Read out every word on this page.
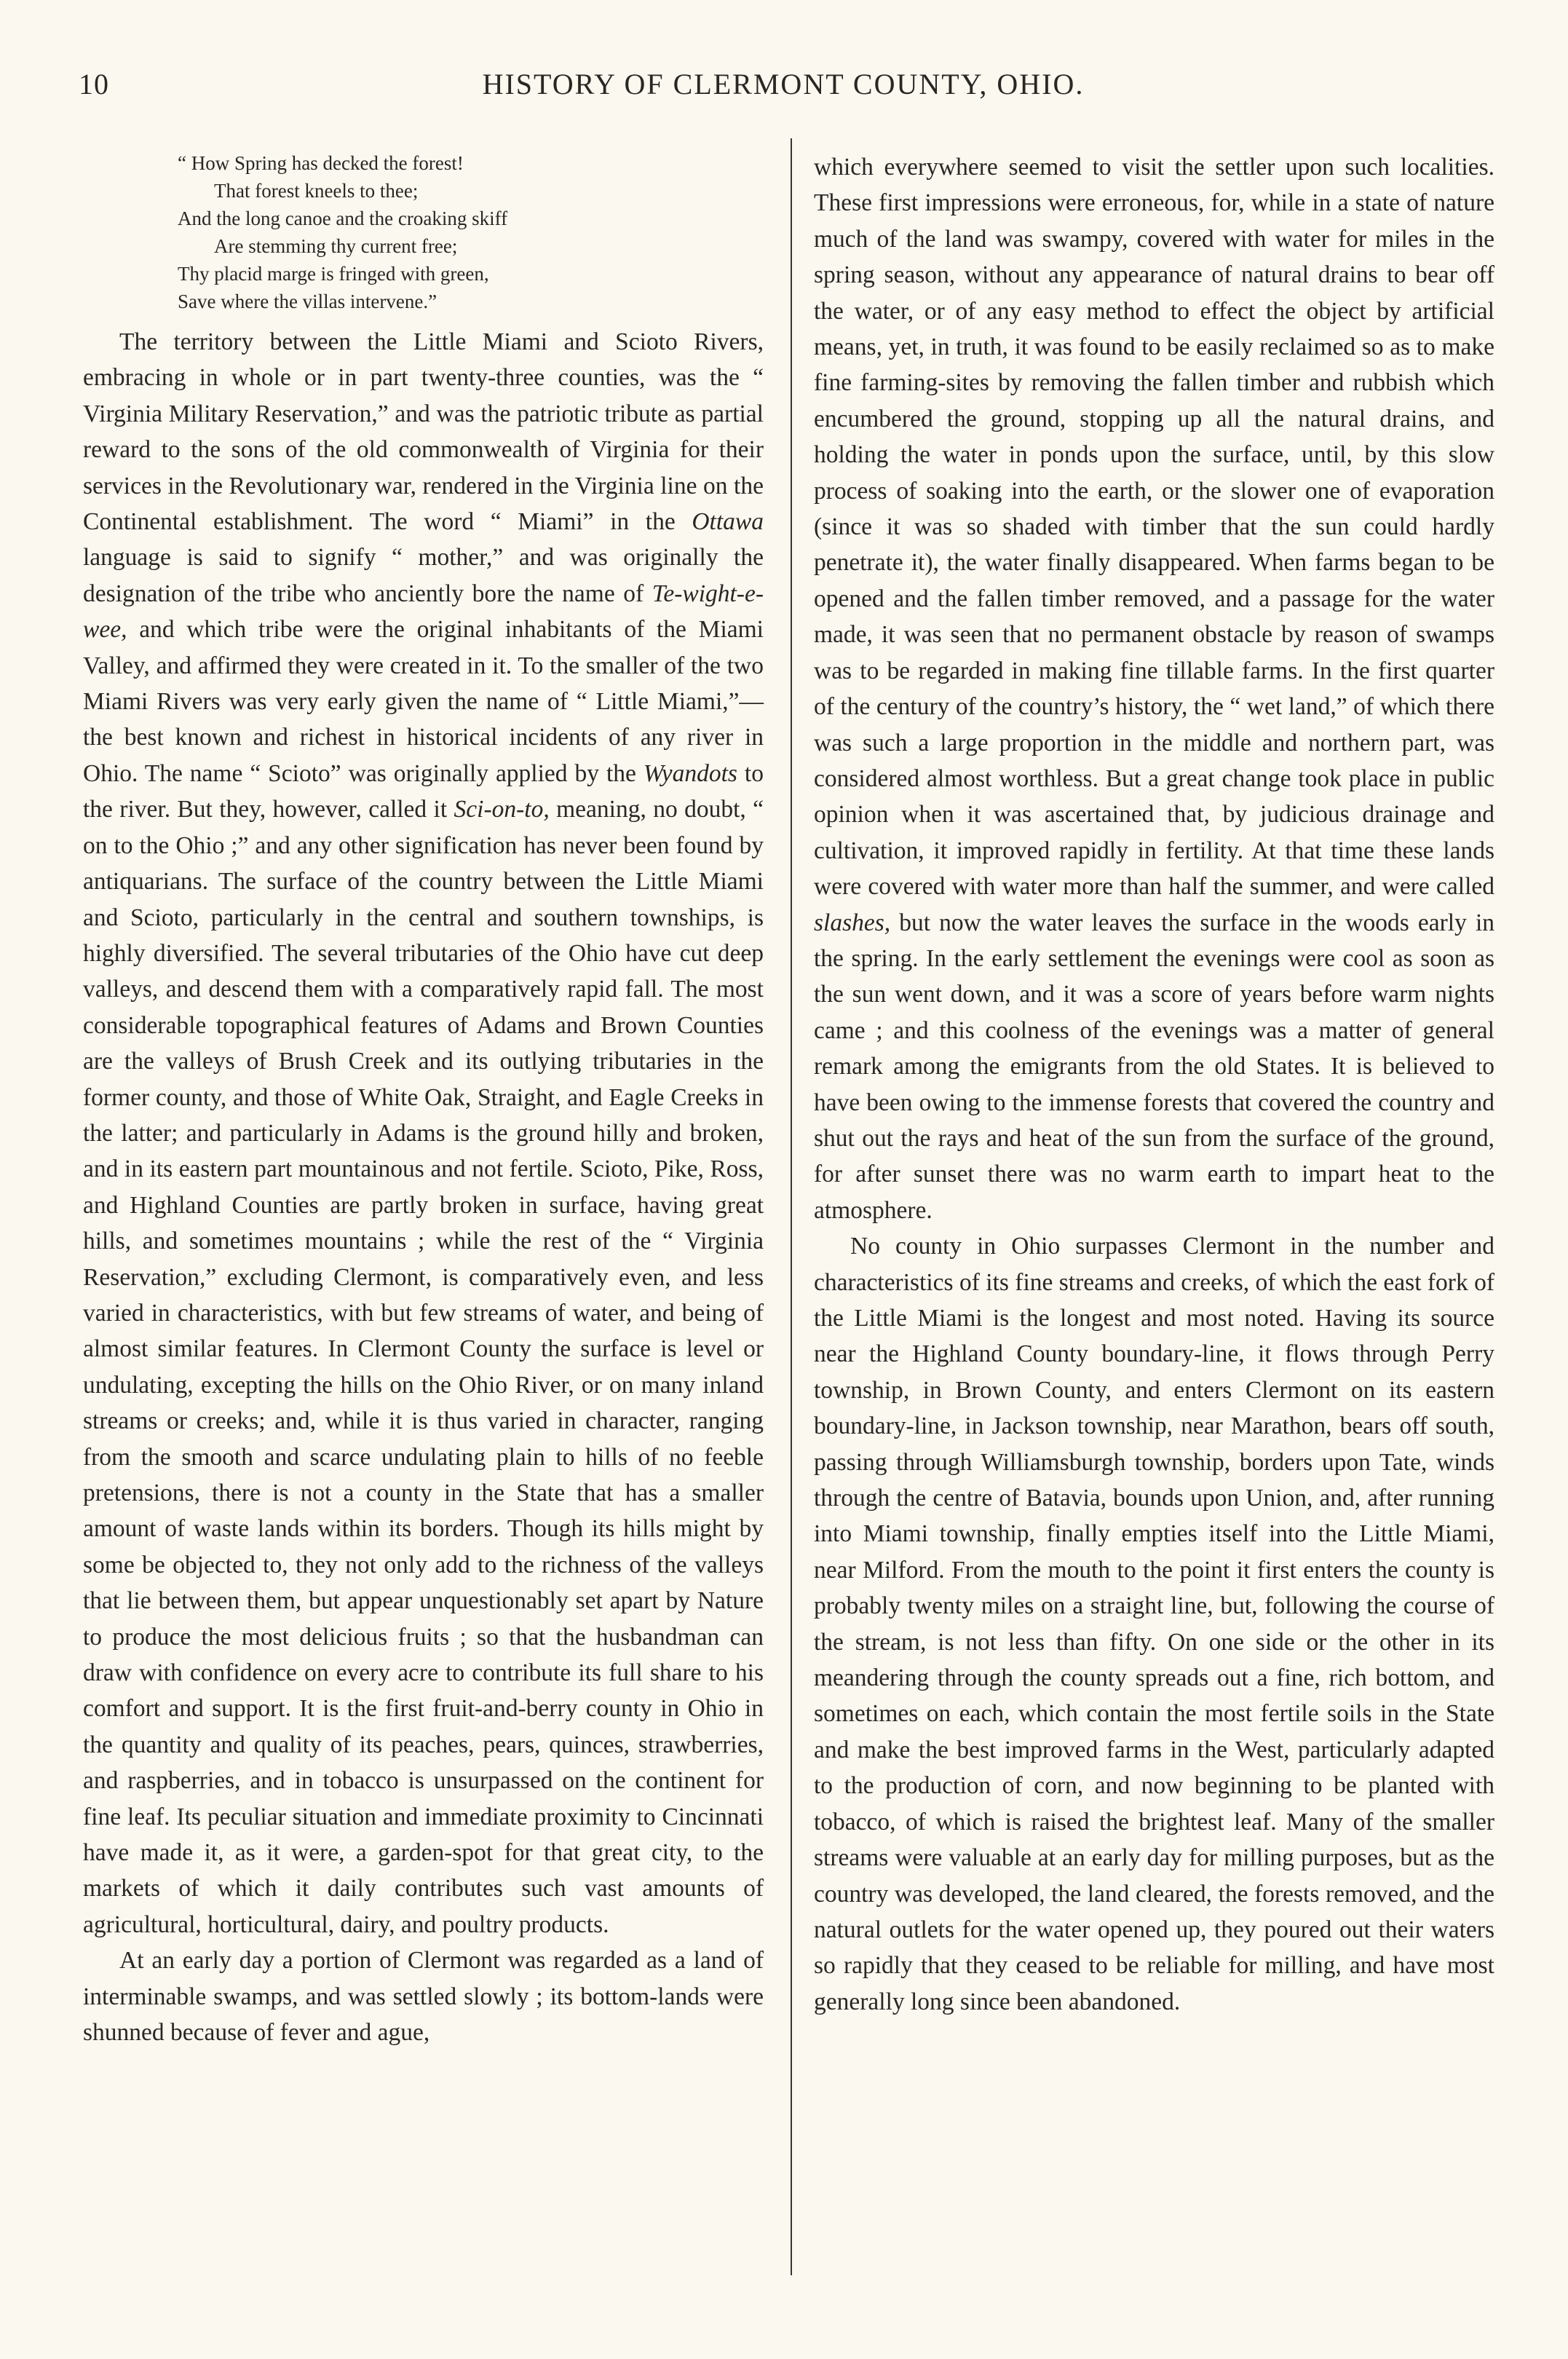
10	HISTORY OF CLERMONT COUNTY, OHIO.
“ How Spring has decked the forest!
That forest kneels to thee;
And the long canoe and the croaking skiff
Are stemming thy current free;
Thy placid marge is fringed with green,
Save where the villas intervene.”

The territory between the Little Miami and Scioto Rivers, embracing in whole or in part twenty-three counties, was the “ Virginia Military Reservation,” and was the patriotic tribute as partial reward to the sons of the old commonwealth of Virginia for their services in the Revolutionary war, rendered in the Virginia line on the Continental establishment. The word “ Miami” in the Ottawa language is said to signify “ mother,” and was originally the designation of the tribe who anciently bore the name of Te-wight-e-wee, and which tribe were the original inhabitants of the Miami Valley, and affirmed they were created in it. To the smaller of the two Miami Rivers was very early given the name of “ Little Miami,”—the best known and richest in historical incidents of any river in Ohio. The name “ Scioto” was originally applied by the Wyandots to the river. But they, however, called it Sci-on-to, meaning, no doubt, “ on to the Ohio ;” and any other signification has never been found by antiquarians. The surface of the country between the Little Miami and Scioto, particularly in the central and southern townships, is highly diversified. The several tributaries of the Ohio have cut deep valleys, and descend them with a comparatively rapid fall. The most considerable topographical features of Adams and Brown Counties are the valleys of Brush Creek and its outlying tributaries in the former county, and those of White Oak, Straight, and Eagle Creeks in the latter; and particularly in Adams is the ground hilly and broken, and in its eastern part mountainous and not fertile. Scioto, Pike, Ross, and Highland Counties are partly broken in surface, having great hills, and sometimes mountains ; while the rest of the “ Virginia Reservation,” excluding Clermont, is comparatively even, and less varied in characteristics, with but few streams of water, and being of almost similar features. In Clermont County the surface is level or undulating, excepting the hills on the Ohio River, or on many inland streams or creeks; and, while it is thus varied in character, ranging from the smooth and scarce undulating plain to hills of no feeble pretensions, there is not a county in the State that has a smaller amount of waste lands within its borders. Though its hills might by some be objected to, they not only add to the richness of the valleys that lie between them, but appear unquestionably set apart by Nature to produce the most delicious fruits ; so that the husbandman can draw with confidence on every acre to contribute its full share to his comfort and support. It is the first fruit-and-berry county in Ohio in the quantity and quality of its peaches, pears, quinces, strawberries, and raspberries, and in tobacco is unsurpassed on the continent for fine leaf. Its peculiar situation and immediate proximity to Cincinnati have made it, as it were, a garden-spot for that great city, to the markets of which it daily contributes such vast amounts of agricultural, horticultural, dairy, and poultry products.

At an early day a portion of Clermont was regarded as a land of interminable swamps, and was settled slowly ; its bottom-lands were shunned because of fever and ague,

which everywhere seemed to visit the settler upon such localities. These first impressions were erroneous, for, while in a state of nature much of the land was swampy, covered with water for miles in the spring season, without any appearance of natural drains to bear off the water, or of any easy method to effect the object by artificial means, yet, in truth, it was found to be easily reclaimed so as to make fine farming-sites by removing the fallen timber and rubbish which encumbered the ground, stopping up all the natural drains, and holding the water in ponds upon the surface, until, by this slow process of soaking into the earth, or the slower one of evaporation (since it was so shaded with timber that the sun could hardly penetrate it), the water finally disappeared. When farms began to be opened and the fallen timber removed, and a passage for the water made, it was seen that no permanent obstacle by reason of swamps was to be regarded in making fine tillable farms. In the first quarter of the century of the country’s history, the “ wet land,” of which there was such a large proportion in the middle and northern part, was considered almost worthless. But a great change took place in public opinion when it was ascertained that, by judicious drainage and cultivation, it improved rapidly in fertility. At that time these lands were covered with water more than half the summer, and were called slashes, but now the water leaves the surface in the woods early in the spring. In the early settlement the evenings were cool as soon as the sun went down, and it was a score of years before warm nights came ; and this coolness of the evenings was a matter of general remark among the emigrants from the old States. It is believed to have been owing to the immense forests that covered the country and shut out the rays and heat of the sun from the surface of the ground, for after sunset there was no warm earth to impart heat to the atmosphere.

No county in Ohio surpasses Clermont in the number and characteristics of its fine streams and creeks, of which the east fork of the Little Miami is the longest and most noted. Having its source near the Highland County boundary-line, it flows through Perry township, in Brown County, and enters Clermont on its eastern boundary-line, in Jackson township, near Marathon, bears off south, passing through Williamsburgh township, borders upon Tate, winds through the centre of Batavia, bounds upon Union, and, after running into Miami township, finally empties itself into the Little Miami, near Milford. From the mouth to the point it first enters the county is probably twenty miles on a straight line, but, following the course of the stream, is not less than fifty. On one side or the other in its meandering through the county spreads out a fine, rich bottom, and sometimes on each, which contain the most fertile soils in the State and make the best improved farms in the West, particularly adapted to the production of corn, and now beginning to be planted with tobacco, of which is raised the brightest leaf. Many of the smaller streams were valuable at an early day for milling purposes, but as the country was developed, the land cleared, the forests removed, and the natural outlets for the water opened up, they poured out their waters so rapidly that they ceased to be reliable for milling, and have most generally long since been abandoned.
